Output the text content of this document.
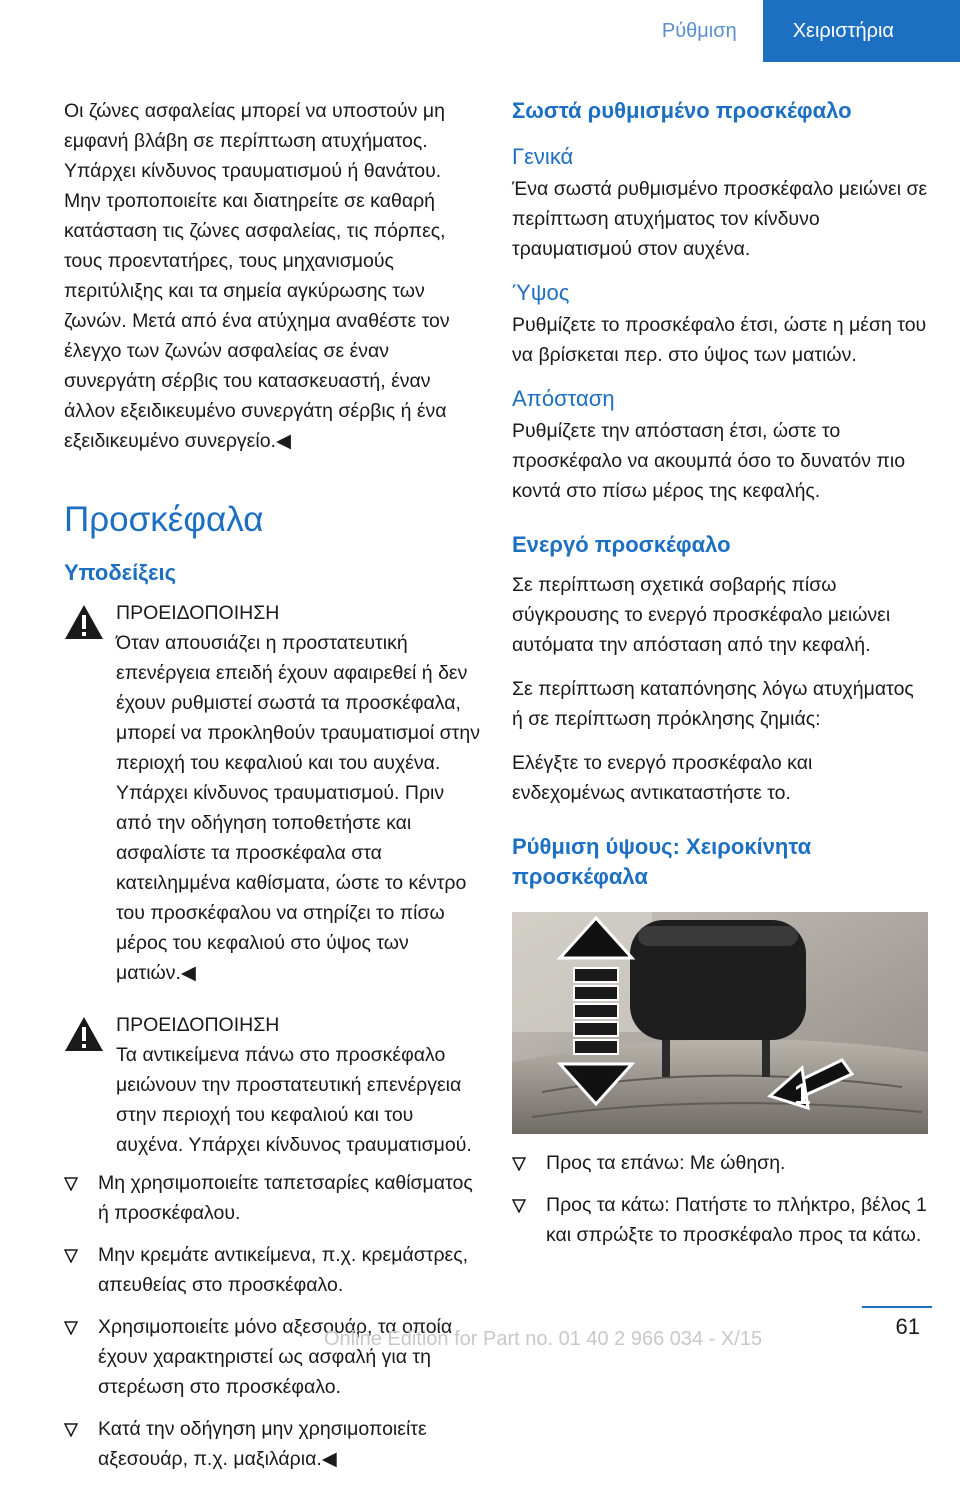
Ρύθμιση	Χειριστήρια

Οι ζώνες ασφαλείας μπορεί να υποστούν μη εμφανή βλάβη σε περίπτωση ατυχήματος. Υπάρχει κίνδυνος τραυματισμού ή θανάτου. Μην τροποποιείτε και διατηρείτε σε καθαρή κατάσταση τις ζώνες ασφαλείας, τις πόρπες, τους προεντατήρες, τους μηχανισμούς περιτύλιξης και τα σημεία αγκύρωσης των ζωνών. Μετά από ένα ατύχημα αναθέστε τον έλεγχο των ζωνών ασφαλείας σε έναν συνεργάτη σέρβις του κατασκευαστή, έναν άλλον εξειδικευμένο συνεργάτη σέρβις ή ένα εξειδικευμένο συνεργείο.◀

Προσκέφαλα
Υποδείξεις
ΠΡΟΕΙΔΟΠΟΙΗΣΗ
Όταν απουσιάζει η προστατευτική επενέργεια επειδή έχουν αφαιρεθεί ή δεν έχουν ρυθμιστεί σωστά τα προσκέφαλα, μπορεί να προκληθούν τραυματισμοί στην περιοχή του κεφαλιού και του αυχένα. Υπάρχει κίνδυνος τραυματισμού. Πριν από την οδήγηση τοποθετήστε και ασφαλίστε τα προσκέφαλα στα κατειλημμένα καθίσματα, ώστε το κέντρο του προσκέφαλου να στηρίζει το πίσω μέρος του κεφαλιού στο ύψος των ματιών.◀
ΠΡΟΕΙΔΟΠΟΙΗΣΗ
Τα αντικείμενα πάνω στο προσκέφαλο μειώνουν την προστατευτική επενέργεια στην περιοχή του κεφαλιού και του αυχένα. Υπάρχει κίνδυνος τραυματισμού.
Μη χρησιμοποιείτε ταπετσαρίες καθίσματος ή προσκέφαλου.
Μην κρεμάτε αντικείμενα, π.χ. κρεμάστρες, απευθείας στο προσκέφαλο.
Χρησιμοποιείτε μόνο αξεσουάρ, τα οποία έχουν χαρακτηριστεί ως ασφαλή για τη στερέωση στο προσκέφαλο.
Κατά την οδήγηση μην χρησιμοποιείτε αξεσουάρ, π.χ. μαξιλάρια.◀
Σωστά ρυθμισμένο προσκέφαλο
Γενικά

Ένα σωστά ρυθμισμένο προσκέφαλο μειώνει σε περίπτωση ατυχήματος τον κίνδυνο τραυματισμού στον αυχένα.

Ύψος

Ρυθμίζετε το προσκέφαλο έτσι, ώστε η μέση του να βρίσκεται περ. στο ύψος των ματιών.

Απόσταση

Ρυθμίζετε την απόσταση έτσι, ώστε το προσκέφαλο να ακουμπά όσο το δυνατόν πιο κοντά στο πίσω μέρος της κεφαλής.

Ενεργό προσκέφαλο

Σε περίπτωση σχετικά σοβαρής πίσω σύγκρουσης το ενεργό προσκέφαλο μειώνει αυτόματα την απόσταση από την κεφαλή.

Σε περίπτωση καταπόνησης λόγω ατυχήματος ή σε περίπτωση πρόκλησης ζημιάς:

Ελέγξτε το ενεργό προσκέφαλο και ενδεχομένως αντικαταστήστε το.

Ρύθμιση ύψους: Χειροκίνητα προσκέφαλα
1
Προς τα επάνω: Με ώθηση.
Προς τα κάτω: Πατήστε το πλήκτρο, βέλος 1 και σπρώξτε το προσκέφαλο προς τα κάτω.
61
Online Edition for Part no. 01 40 2 966 034 - X/15
